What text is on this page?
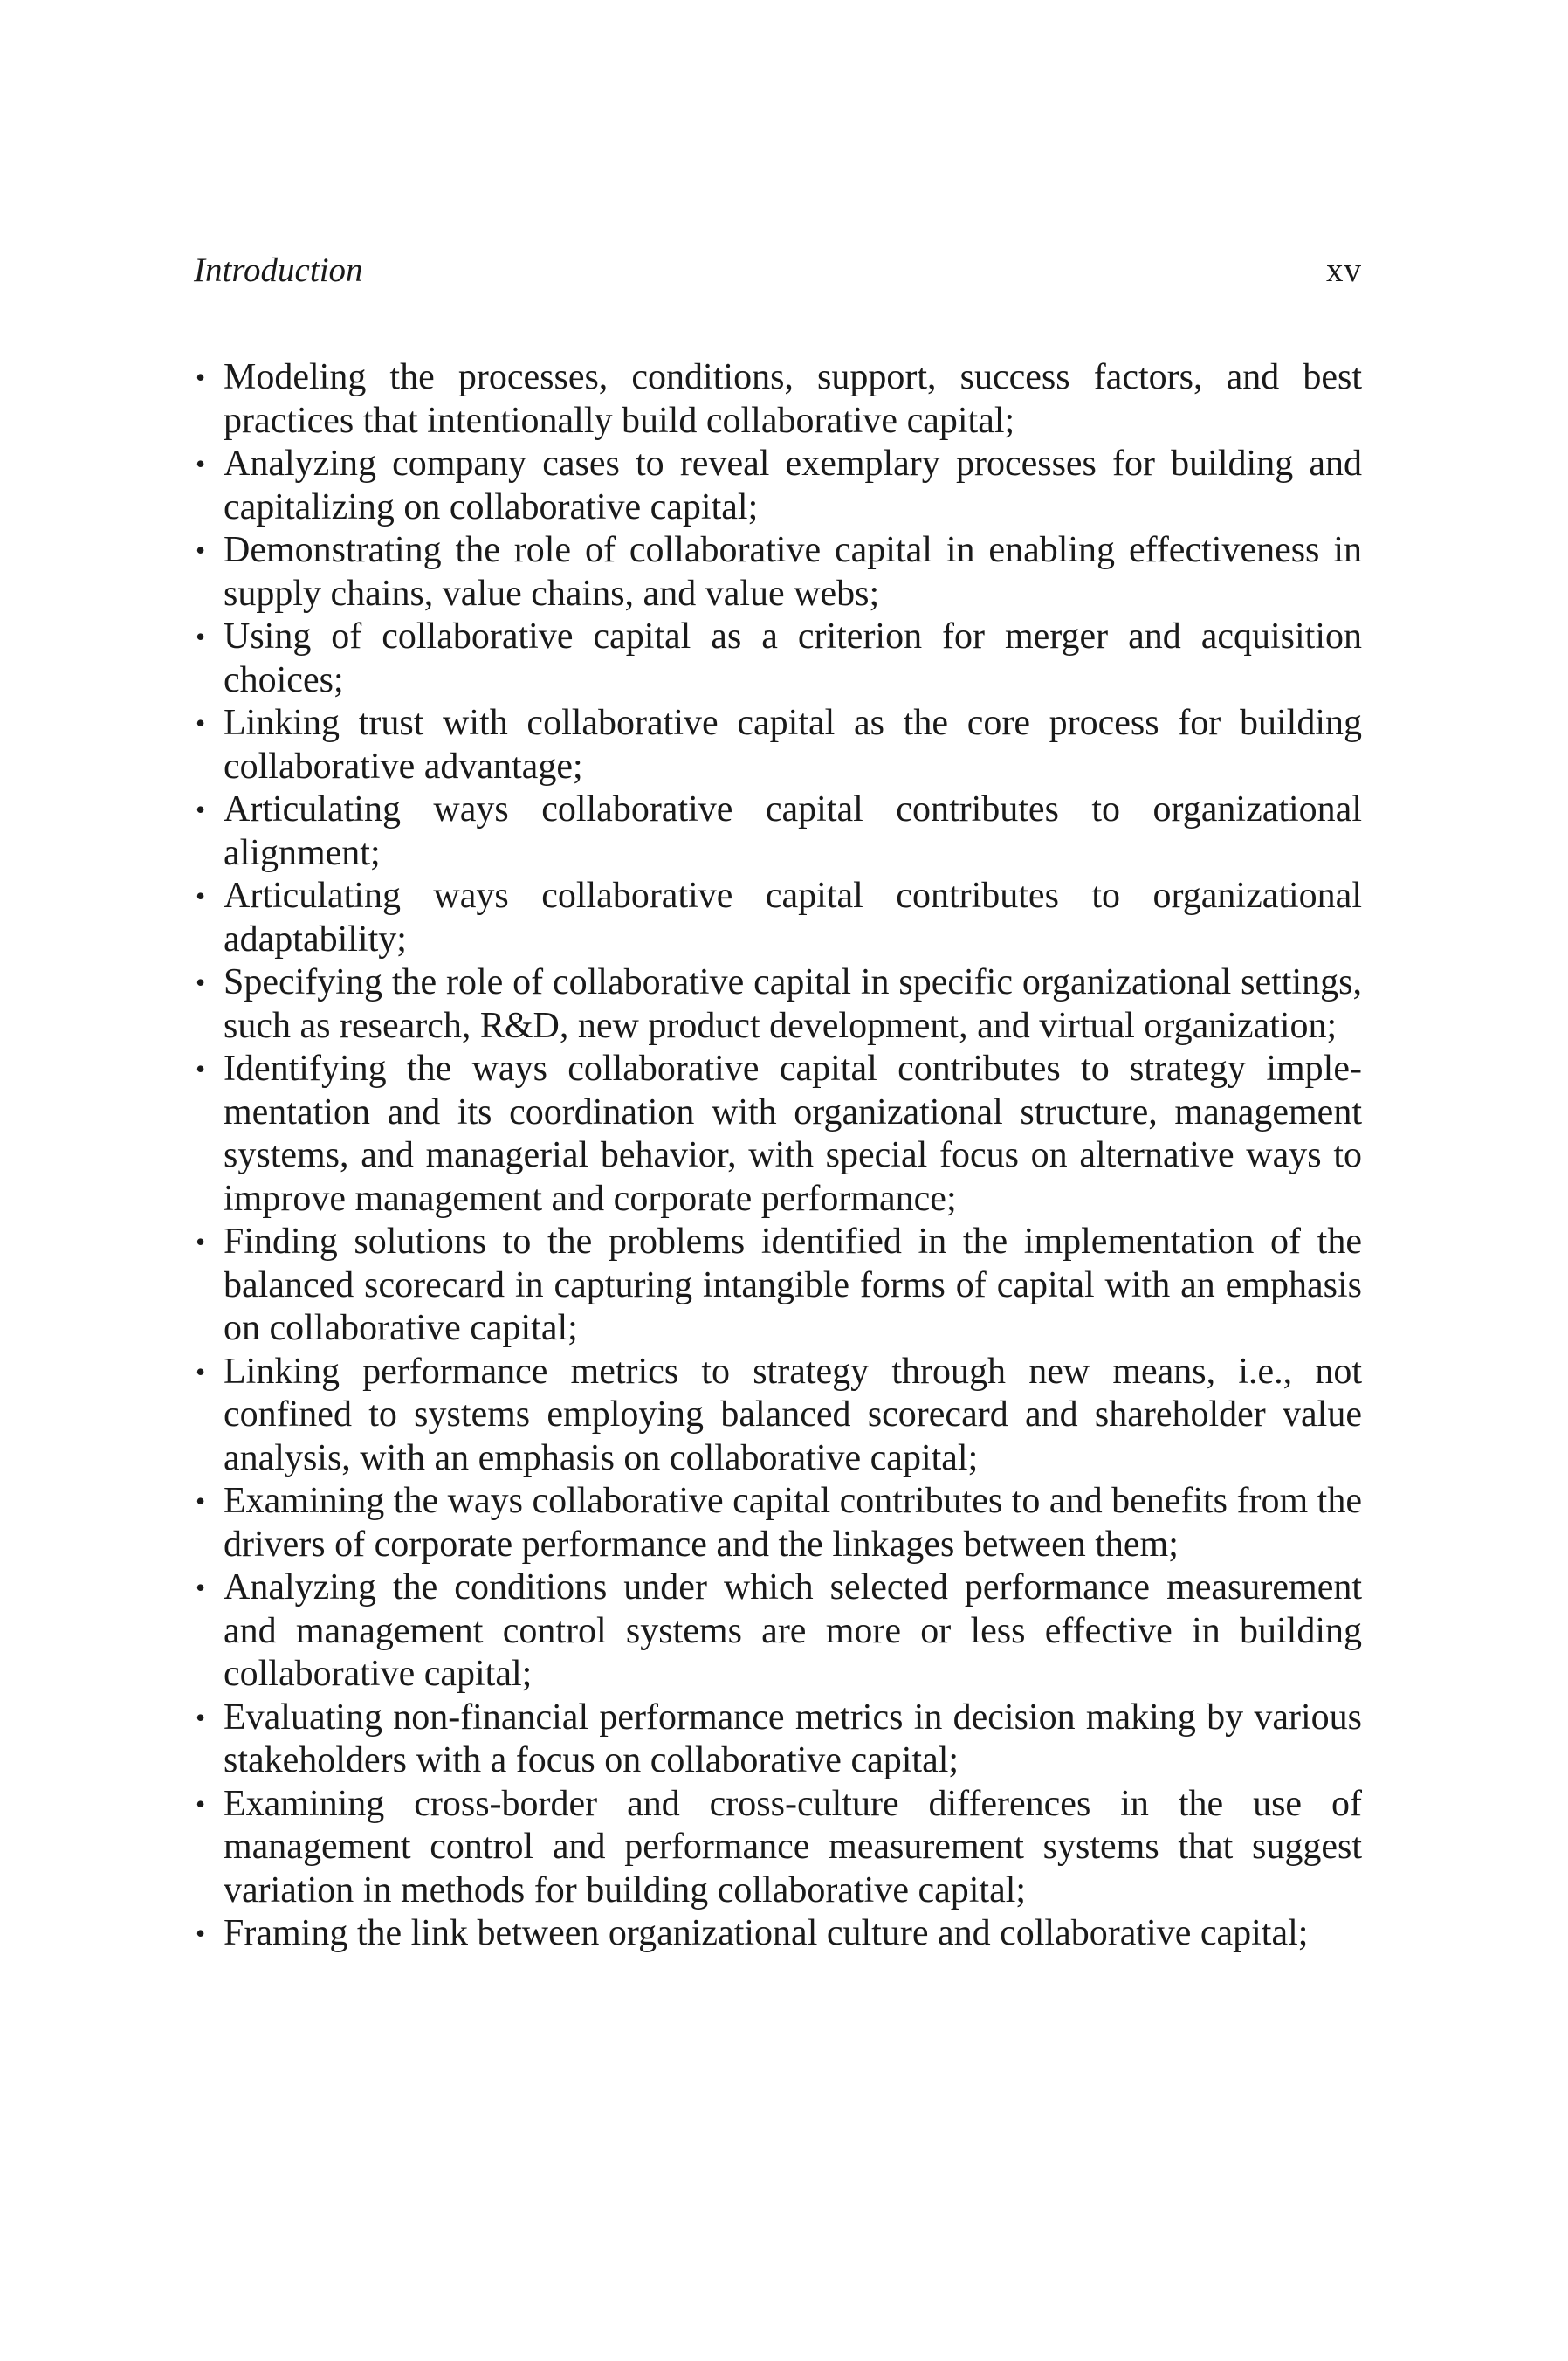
Introduction	xv
• Modeling the processes, conditions, support, success factors, and best practices that intentionally build collaborative capital;
• Analyzing company cases to reveal exemplary processes for building and capitalizing on collaborative capital;
• Demonstrating the role of collaborative capital in enabling effectiveness in supply chains, value chains, and value webs;
• Using of collaborative capital as a criterion for merger and acquisition choices;
• Linking trust with collaborative capital as the core process for building collaborative advantage;
• Articulating ways collaborative capital contributes to organizational alignment;
• Articulating ways collaborative capital contributes to organizational adaptability;
• Specifying the role of collaborative capital in specific organizational settings, such as research, R&D, new product development, and virtual organization;
• Identifying the ways collaborative capital contributes to strategy implementation and its coordination with organizational structure, management systems, and managerial behavior, with special focus on alternative ways to improve management and corporate performance;
• Finding solutions to the problems identified in the implementation of the balanced scorecard in capturing intangible forms of capital with an emphasis on collaborative capital;
• Linking performance metrics to strategy through new means, i.e., not confined to systems employing balanced scorecard and shareholder value analysis, with an emphasis on collaborative capital;
• Examining the ways collaborative capital contributes to and benefits from the drivers of corporate performance and the linkages between them;
• Analyzing the conditions under which selected performance measurement and management control systems are more or less effective in building collaborative capital;
• Evaluating non-financial performance metrics in decision making by various stakeholders with a focus on collaborative capital;
• Examining cross-border and cross-culture differences in the use of management control and performance measurement systems that suggest variation in methods for building collaborative capital;
• Framing the link between organizational culture and collaborative capital;
